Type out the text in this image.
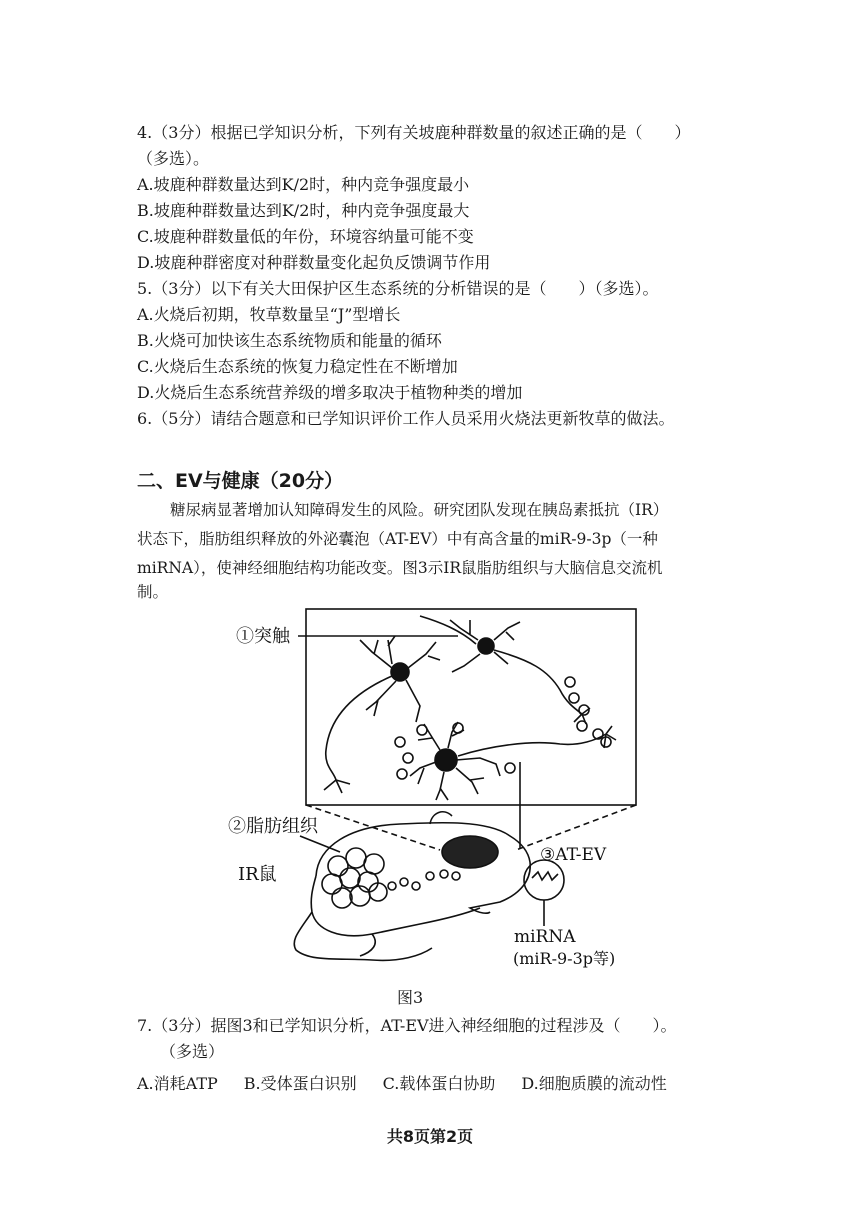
4.（3分）根据已学知识分析，下列有关坡鹿种群数量的叙述正确的是（　　）
（多选）。
A.坡鹿种群数量达到K/2时，种内竞争强度最小
B.坡鹿种群数量达到K/2时，种内竞争强度最大
C.坡鹿种群数量低的年份，环境容纳量可能不变
D.坡鹿种群密度对种群数量变化起负反馈调节作用
5.（3分）以下有关大田保护区生态系统的分析错误的是（　　）（多选）。
A.火烧后初期，牧草数量呈“J”型增长
B.火烧可加快该生态系统物质和能量的循环
C.火烧后生态系统的恢复力稳定性在不断增加
D.火烧后生态系统营养级的增多取决于植物种类的增加
6.（5分）请结合题意和已学知识评价工作人员采用火烧法更新牧草的做法。
二、EV与健康（20分）
糖尿病显著增加认知障碍发生的风险。研究团队发现在胰岛素抵抗（IR）
状态下，脂肪组织释放的外泌囊泡（AT-EV）中有高含量的miR-9-3p（一种
miRNA），使神经细胞结构功能改变。图3示IR鼠脂肪组织与大脑信息交流机
制。
①突触
②脂肪组织
③AT-EV
IR鼠
miRNA
(miR-9-3p等)
图3
7.（3分）据图3和已学知识分析，AT-EV进入神经细胞的过程涉及（　　）。
（多选）
A.消耗ATP B.受体蛋白识别 C.载体蛋白协助 D.细胞质膜的流动性
共8页第2页
